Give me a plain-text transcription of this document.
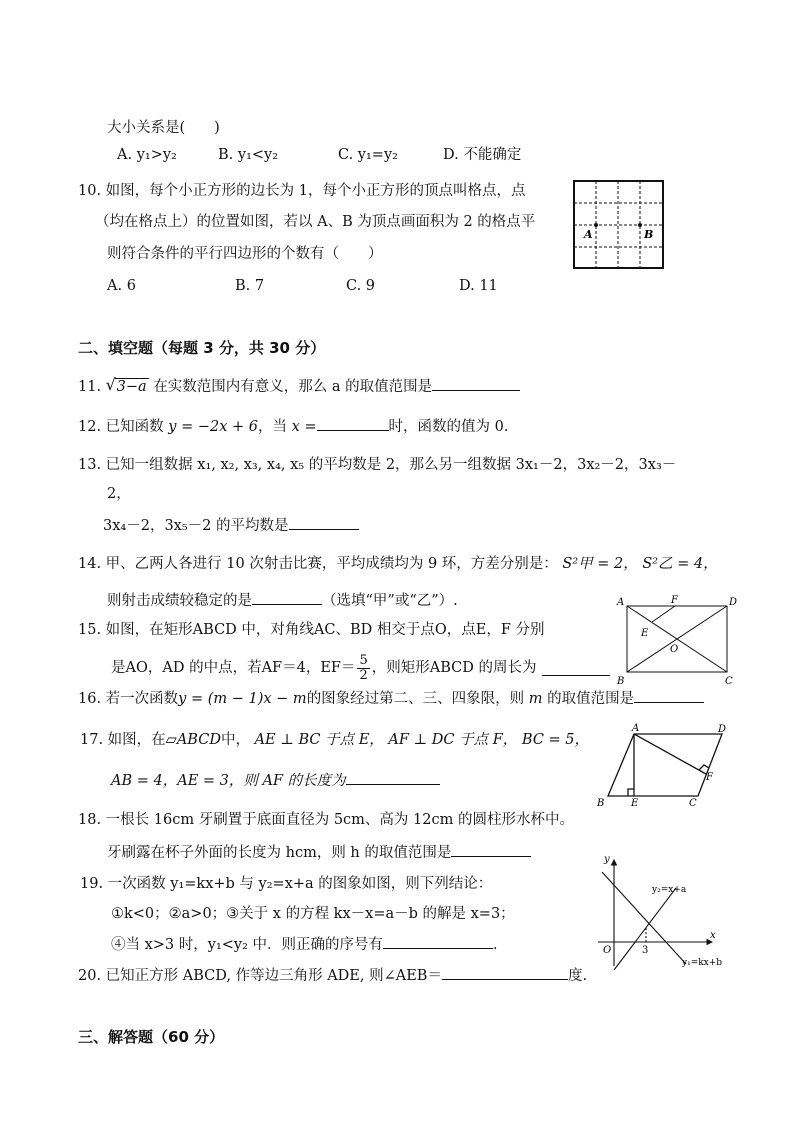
大小关系是(　　)
A. y₁>y₂	B. y₁<y₂	C. y₁=y₂	D. 不能确定
10. 如图，每个小正方形的边长为 1，每个小正方形的顶点叫格点，点
（均在格点上）的位置如图，若以 A、B 为顶点画面积为 2 的格点平
则符合条件的平行四边形的个数有（　　）
A. 6	B. 7	C. 9	D. 11
A	B
二、填空题（每题 3 分，共 30 分）
11. √ 3−a 在实数范围内有意义，那么 a 的取值范围是
12. 已知函数 y = −2x + 6，当 x =	时，函数的值为 0.
13. 已知一组数据 x₁, x₂, x₃, x₄, x₅ 的平均数是 2，那么另一组数据 3x₁－2，3x₂－2，3x₃－
2，
3x₄－2，3x₅－2 的平均数是
14. 甲、乙两人各进行 10 次射击比赛，平均成绩均为 9 环，方差分别是： S²甲 = 2， S²乙 = 4，
则射击成绩较稳定的是	（选填“甲”或“乙”）.
15. 如图，在矩形ABCD 中，对角线AC、BD 相交于点O，点E，F 分别
是AO，AD 的中点，若AF＝4，$EF= \frac{5}{2}$ ，则矩形ABCD 的周长为
A	F	D
E
O
B	C
16. 若一次函数y = (m − 1)x − m的图象经过第二、三、四象限，则 m 的取值范围是
17. 如图，在▱ABCD中， AE ⊥ BC 于点 E， AF ⊥ DC 于点 F， BC = 5，
AB = 4，AE = 3，则 AF 的长度为
A	D
F
B	E	C
18. 一根长 16cm 牙刷置于底面直径为 5cm、高为 12cm 的圆柱形水杯中。
牙刷露在杯子外面的长度为 hcm，则 h 的取值范围是
19. 一次函数 y₁=kx+b 与 y₂=x+a 的图象如图，则下列结论：
①k<0；②a>0；③关于 x 的方程 kx－x=a－b 的解是 x=3；
④当 x>3 时，y₁<y₂ 中．则正确的序号有	．
y
x
O	3
y₂=x+a
y₁=kx+b
20. 已知正方形 ABCD, 作等边三角形 ADE, 则∠AEB＝	度.
三、解答题（60 分）
